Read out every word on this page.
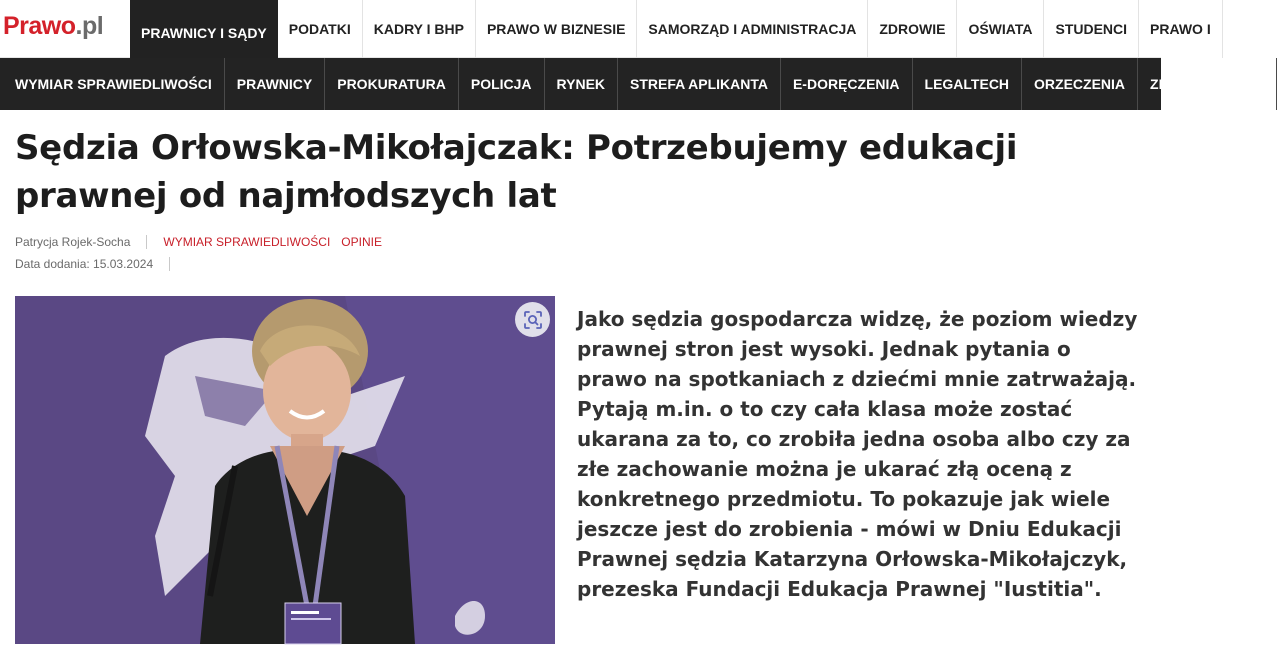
Prawo.pl	PRAWNICY I SĄDY	PODATKI	KADRY I BHP	PRAWO W BIZNESIE	SAMORZĄD I ADMINISTRACJA	ZDROWIE	OŚWIATA	STUDENCI	PRAWO I
WYMIAR SPRAWIEDLIWOŚCI	PRAWNICY	PROKURATURA	POLICJA	RYNEK	STREFA APLIKANTA	E-DORĘCZENIA	LEGALTECH	ORZECZENIA	ZMIANY W K.P.C.
Sędzia Orłowska-Mikołajczak: Potrzebujemy edukacji prawnej od najmłodszych lat
Patrycja Rojek-Socha	WYMIAR SPRAWIEDLIWOŚCI OPINIE
Data dodania: 15.03.2024

Jako sędzia gospodarcza widzę, że poziom wiedzy prawnej stron jest wysoki. Jednak pytania o prawo na spotkaniach z dziećmi mnie zatrważają. Pytają m.in. o to czy cała klasa może zostać ukarana za to, co zrobiła jedna osoba albo czy za złe zachowanie można je ukarać złą oceną z konkretnego przedmiotu. To pokazuje jak wiele jeszcze jest do zrobienia - mówi w Dniu Edukacji Prawnej sędzia Katarzyna Orłowska-Mikołajczyk, prezeska Fundacji Edukacja Prawnej "Iustitia".
